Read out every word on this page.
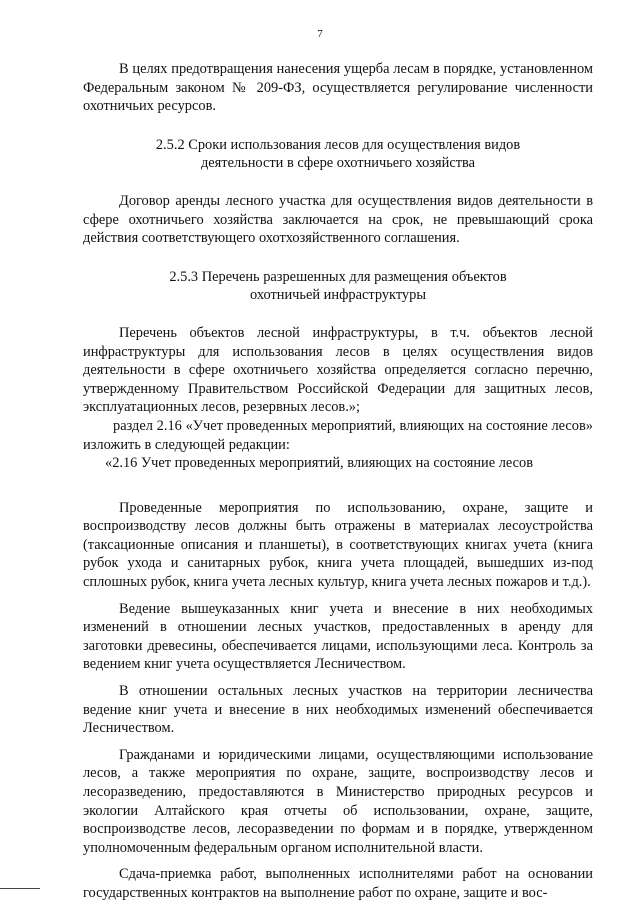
7

В целях предотвращения нанесения ущерба лесам в порядке, установленном Федеральным законом № 209-ФЗ, осуществляется регулирование численности охотничьих ресурсов.

2.5.2 Сроки использования лесов для осуществления видов деятельности в сфере охотничьего хозяйства

Договор аренды лесного участка для осуществления видов деятельности в сфере охотничьего хозяйства заключается на срок, не превышающий срока действия соответствующего охотхозяйственного соглашения.

2.5.3 Перечень разрешенных для размещения объектов охотничьей инфраструктуры

Перечень объектов лесной инфраструктуры, в т.ч. объектов лесной инфраструктуры для использования лесов в целях осуществления видов деятельности в сфере охотничьего хозяйства определяется согласно перечню, утвержденному Правительством Российской Федерации для защитных лесов, эксплуатационных лесов, резервных лесов.»;

раздел 2.16 «Учет проведенных мероприятий, влияющих на состояние лесов» изложить в следующей редакции:

«2.16 Учет проведенных мероприятий, влияющих на состояние лесов

Проведенные мероприятия по использованию, охране, защите и воспроизводству лесов должны быть отражены в материалах лесоустройства (таксационные описания и планшеты), в соответствующих книгах учета (книга рубок ухода и санитарных рубок, книга учета площадей, вышедших из-под сплошных рубок, книга учета лесных культур, книга учета лесных пожаров и т.д.).

Ведение вышеуказанных книг учета и внесение в них необходимых изменений в отношении лесных участков, предоставленных в аренду для заготовки древесины, обеспечивается лицами, использующими леса. Контроль за ведением книг учета осуществляется Лесничеством.

В отношении остальных лесных участков на территории лесничества ведение книг учета и внесение в них необходимых изменений обеспечивается Лесничеством.

Гражданами и юридическими лицами, осуществляющими использование лесов, а также мероприятия по охране, защите, воспроизводству лесов и лесоразведению, предоставляются в Министерство природных ресурсов и экологии Алтайского края отчеты об использовании, охране, защите, воспроизводстве лесов, лесоразведении по формам и в порядке, утвержденном уполномоченным федеральным органом исполнительной власти.

Сдача-приемка работ, выполненных исполнителями работ на основании государственных контрактов на выполнение работ по охране, защите и вос-
